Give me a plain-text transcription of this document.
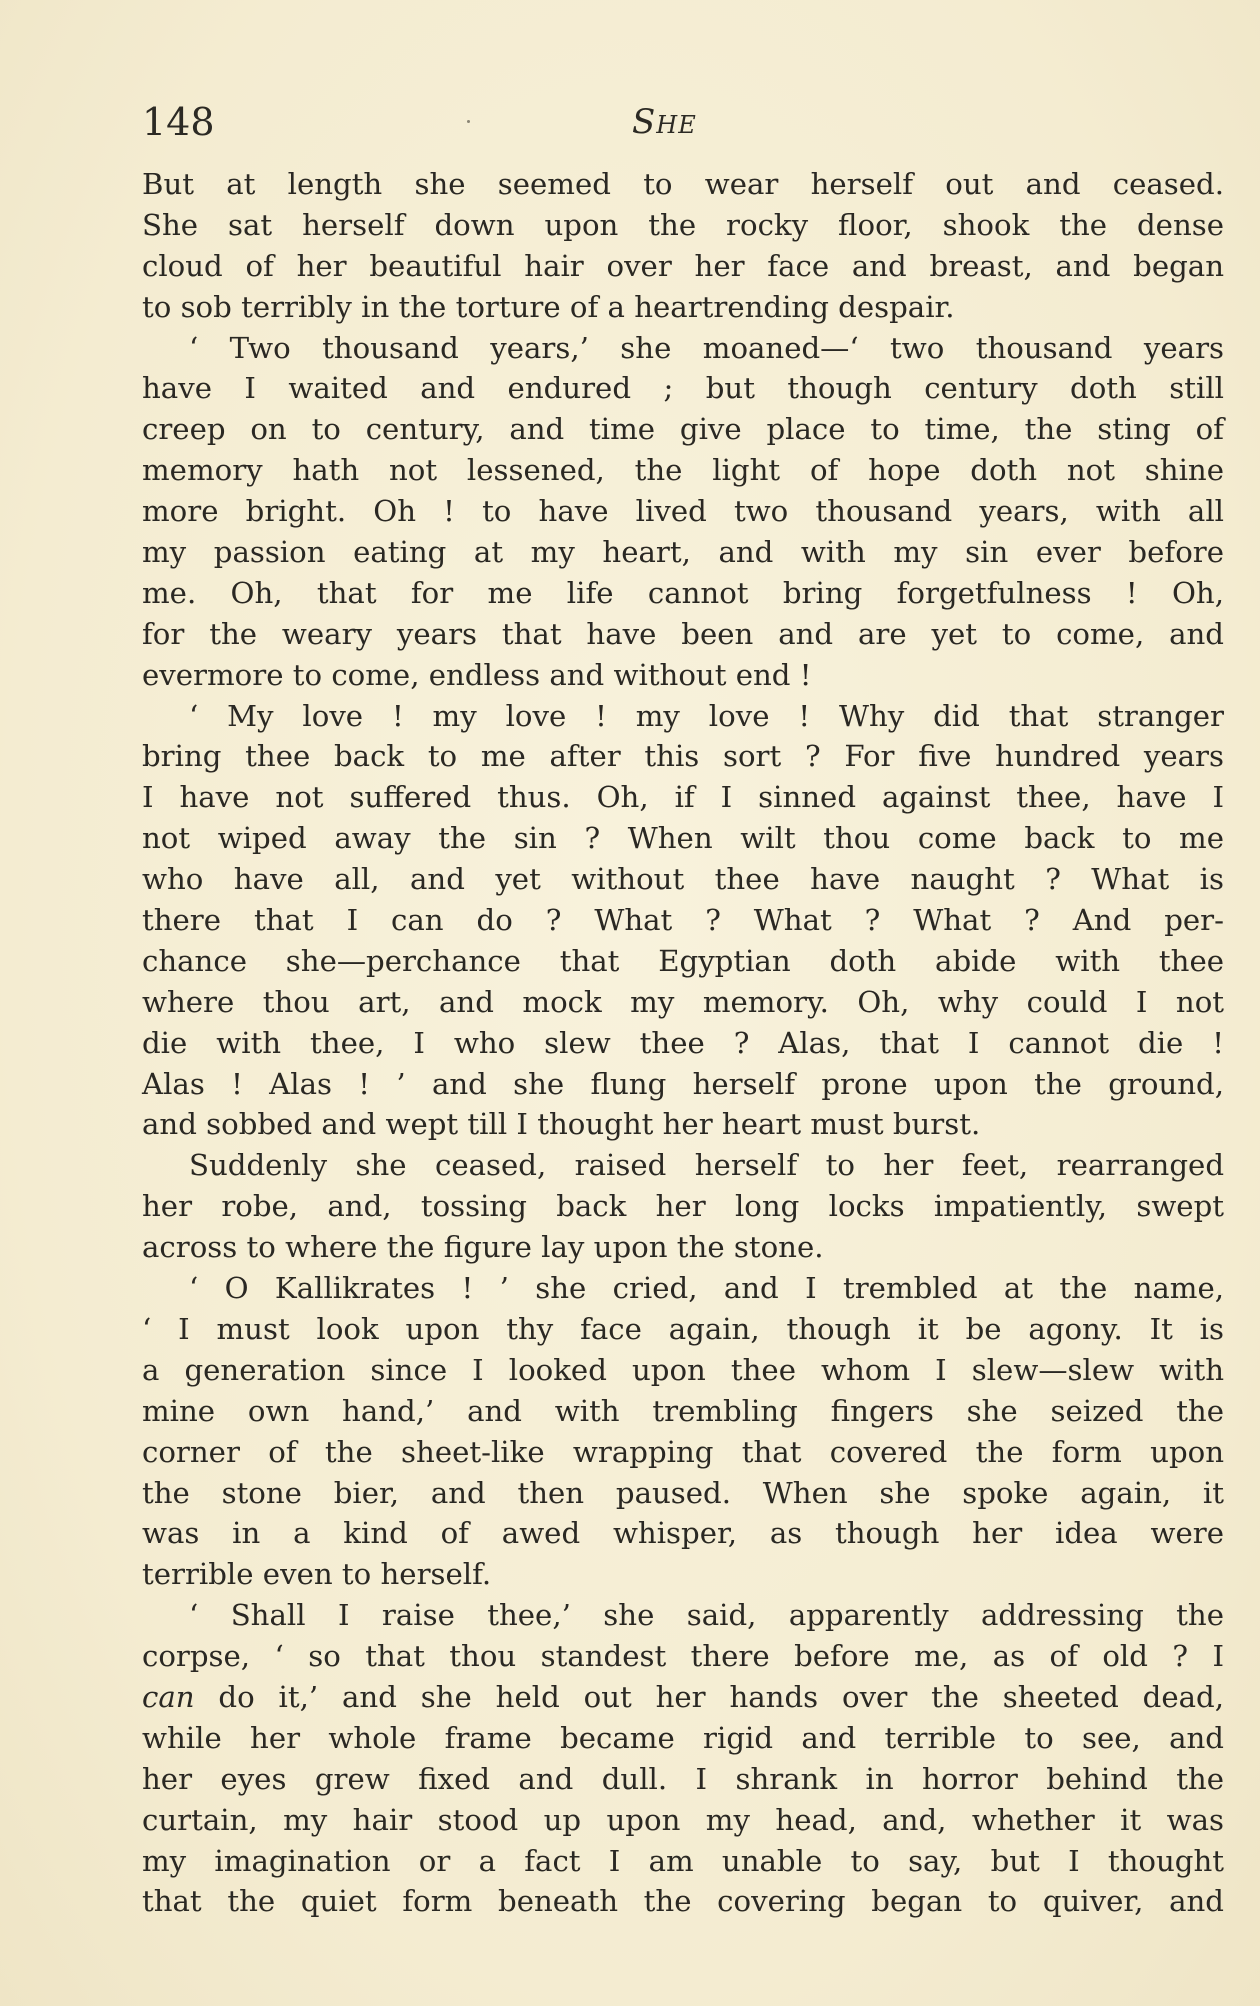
148	She
But at length she seemed to wear herself out and ceased.
She sat herself down upon the rocky floor, shook the dense
cloud of her beautiful hair over her face and breast, and began
to sob terribly in the torture of a heartrending despair.
‘ Two thousand years,’ she moaned—‘ two thousand years
have I waited and endured ; but though century doth still
creep on to century, and time give place to time, the sting of
memory hath not lessened, the light of hope doth not shine
more bright. Oh ! to have lived two thousand years, with all
my passion eating at my heart, and with my sin ever before
me. Oh, that for me life cannot bring forgetfulness ! Oh,
for the weary years that have been and are yet to come, and
evermore to come, endless and without end !
‘ My love ! my love ! my love ! Why did that stranger
bring thee back to me after this sort ? For five hundred years
I have not suffered thus. Oh, if I sinned against thee, have I
not wiped away the sin ? When wilt thou come back to me
who have all, and yet without thee have naught ? What is
there that I can do ? What ? What ? What ? And per-
chance she—perchance that Egyptian doth abide with thee
where thou art, and mock my memory. Oh, why could I not
die with thee, I who slew thee ? Alas, that I cannot die !
Alas ! Alas ! ’ and she flung herself prone upon the ground,
and sobbed and wept till I thought her heart must burst.
Suddenly she ceased, raised herself to her feet, rearranged
her robe, and, tossing back her long locks impatiently, swept
across to where the figure lay upon the stone.
‘ O Kallikrates ! ’ she cried, and I trembled at the name,
‘ I must look upon thy face again, though it be agony. It is
a generation since I looked upon thee whom I slew—slew with
mine own hand,’ and with trembling fingers she seized the
corner of the sheet-like wrapping that covered the form upon
the stone bier, and then paused. When she spoke again, it
was in a kind of awed whisper, as though her idea were
terrible even to herself.
‘ Shall I raise thee,’ she said, apparently addressing the
corpse, ‘ so that thou standest there before me, as of old ? I
can do it,’ and she held out her hands over the sheeted dead,
while her whole frame became rigid and terrible to see, and
her eyes grew fixed and dull. I shrank in horror behind the
curtain, my hair stood up upon my head, and, whether it was
my imagination or a fact I am unable to say, but I thought
that the quiet form beneath the covering began to quiver, and
